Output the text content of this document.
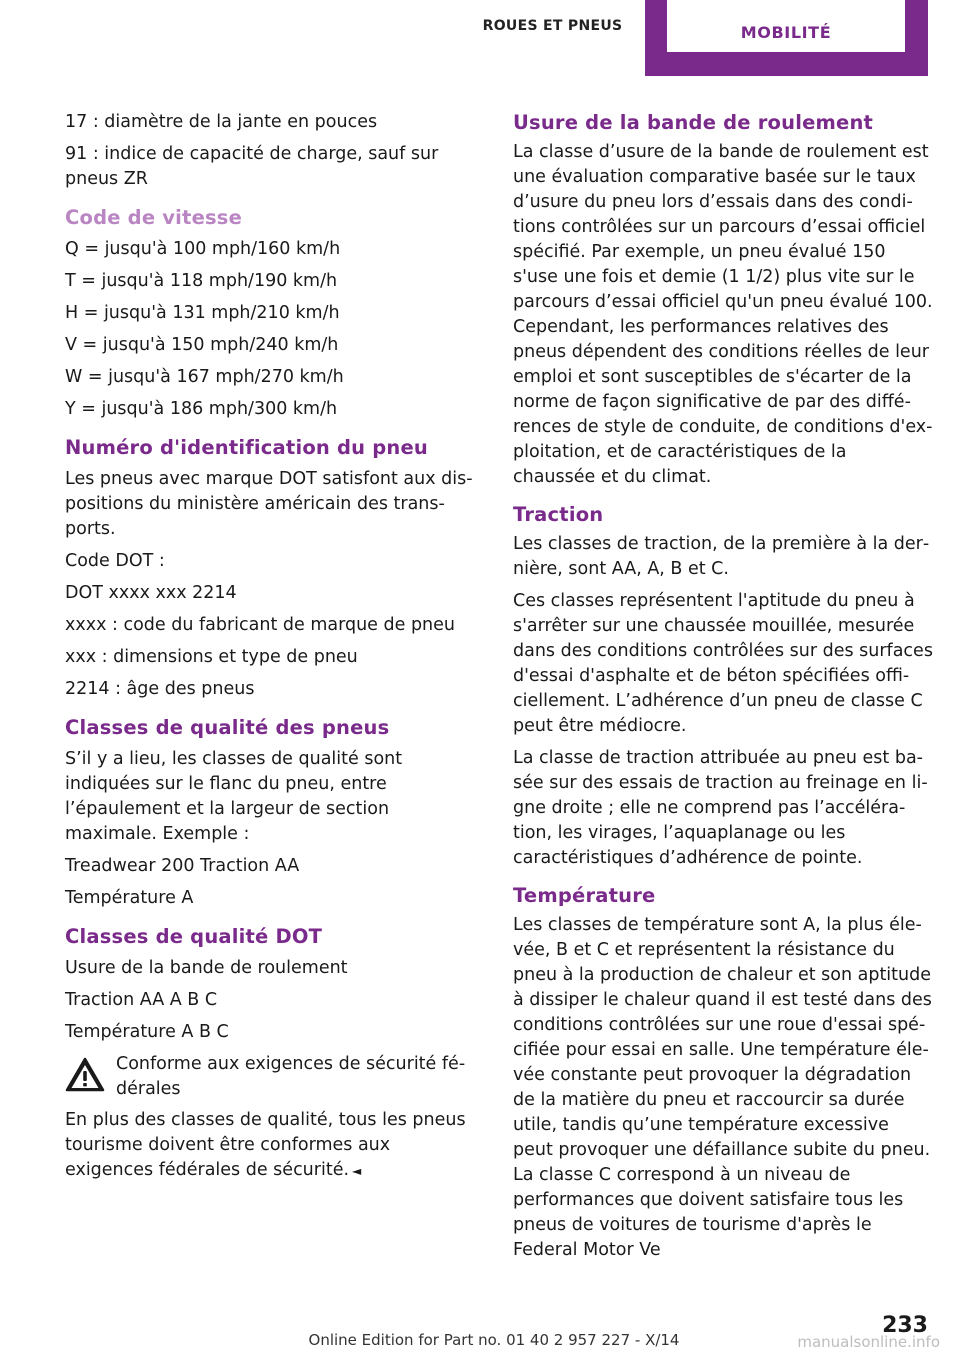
ROUES ET PNEUS	MOBILITÉ

17 : diamètre de la jante en pouces

91 : indice de capacité de charge, sauf sur pneus ZR

Code de vitesse

Q = jusqu'à 100 mph/160 km/h

T = jusqu'à 118 mph/190 km/h

H = jusqu'à 131 mph/210 km/h

V = jusqu'à 150 mph/240 km/h

W = jusqu'à 167 mph/270 km/h

Y = jusqu'à 186 mph/300 km/h

Numéro d'identification du pneu

Les pneus avec marque DOT satisfont aux dispositions du ministère américain des transports.

Code DOT :

DOT xxxx xxx 2214

xxxx : code du fabricant de marque de pneu

xxx : dimensions et type de pneu

2214 : âge des pneus

Classes de qualité des pneus

S’il y a lieu, les classes de qualité sont indiquées sur le flanc du pneu, entre l’épaulement et la largeur de section maximale. Exemple :

Treadwear 200 Traction AA

Température A

Classes de qualité DOT

Usure de la bande de roulement

Traction AA A B C

Température A B C

Conforme aux exigences de sécurité fédérales

En plus des classes de qualité, tous les pneus tourisme doivent être conformes aux exigences fédérales de sécurité. ◄

Usure de la bande de roulement

La classe d’usure de la bande de roulement est une évaluation comparative basée sur le taux d’usure du pneu lors d’essais dans des conditions contrôlées sur un parcours d’essai officiel spécifié. Par exemple, un pneu évalué 150 s'use une fois et demie (1 1/2) plus vite sur le parcours d’essai officiel qu'un pneu évalué 100. Cependant, les performances relatives des pneus dépendent des conditions réelles de leur emploi et sont susceptibles de s'écarter de la norme de façon significative de par des différences de style de conduite, de conditions d'exploitation, et de caractéristiques de la chaussée et du climat.

Traction

Les classes de traction, de la première à la dernière, sont AA, A, B et C.

Ces classes représentent l'aptitude du pneu à s'arrêter sur une chaussée mouillée, mesurée dans des conditions contrôlées sur des surfaces d'essai d'asphalte et de béton spécifiées officiellement. L’adhérence d’un pneu de classe C peut être médiocre.

La classe de traction attribuée au pneu est basée sur des essais de traction au freinage en ligne droite ; elle ne comprend pas l’accélération, les virages, l’aquaplanage ou les caractéristiques d’adhérence de pointe.

Température

Les classes de température sont A, la plus élevée, B et C et représentent la résistance du pneu à la production de chaleur et son aptitude à dissiper le chaleur quand il est testé dans des conditions contrôlées sur une roue d'essai spécifiée pour essai en salle. Une température élevée constante peut provoquer la dégradation de la matière du pneu et raccourcir sa durée utile, tandis qu’une température excessive peut provoquer une défaillance subite du pneu. La classe C correspond à un niveau de performances que doivent satisfaire tous les pneus de voitures de tourisme d'après le Federal Motor Ve

233
Online Edition for Part no. 01 40 2 957 227 - X/14	manualsonline.info
